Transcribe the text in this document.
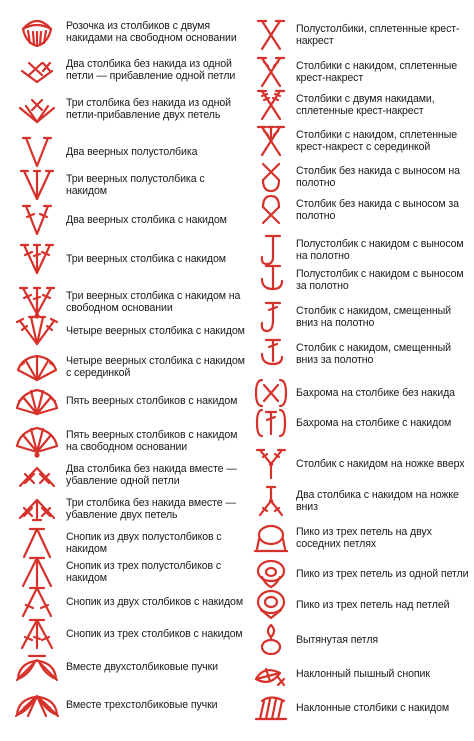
Розочка из столбиков с двумя накидами на свободном основании
Два столбика без накида из одной петли — прибавление одной петли
Три столбика без накида из одной петли-прибавление двух петель
Два веерных полустолбика
Три веерных полустолбика с накидом
Два веерных столбика с накидом
Три веерных столбика с накидом
Три веерных столбика с накидом на свободном основании
Четыре веерных столбика с накидом
Четыре веерных столбика с накидом с серединкой
Пять веерных столбиков с накидом
Пять веерных столбиков с накидом на свободном основании
Два столбика без накида вместе — убавление одной петли
Три столбика без накида вместе — убавление двух петель
Снопик из двух полустолбиков с накидом
Снопик из трех полустолбиков с накидом
Снопик из двух столбиков с накидом
Снопик из трех столбиков с накидом
Вместе двухстолбиковые пучки
Вместе трехстолбиковые пучки
Полустолбики, сплетенные крест-накрест
Столбики с накидом, сплетенные крест-накрест
Столбики с двумя накидами, сплетенные крест-накрест
Столбики с накидом, сплетенные крест-накрест с серединкой
Столбик без накида с выносом на полотно
Столбик без накида с выносом за полотно
Полустолбик с накидом с выносом на полотно
Полустолбик с накидом с выносом за полотно
Столбик с накидом, смещенный вниз на полотно
Столбик с накидом, смещенный вниз за полотно
Бахрома на столбике без накида
Бахрома на столбике с накидом
Столбик с накидом на ножке вверх
Два столбика с накидом на ножке вниз
Пико из трех петель на двух соседних петлях
Пико из трех петель из одной петли
Пико из трех петель над петлей
Вытянутая петля
Наклонный пышный снопик
Наклонные столбики с накидом
